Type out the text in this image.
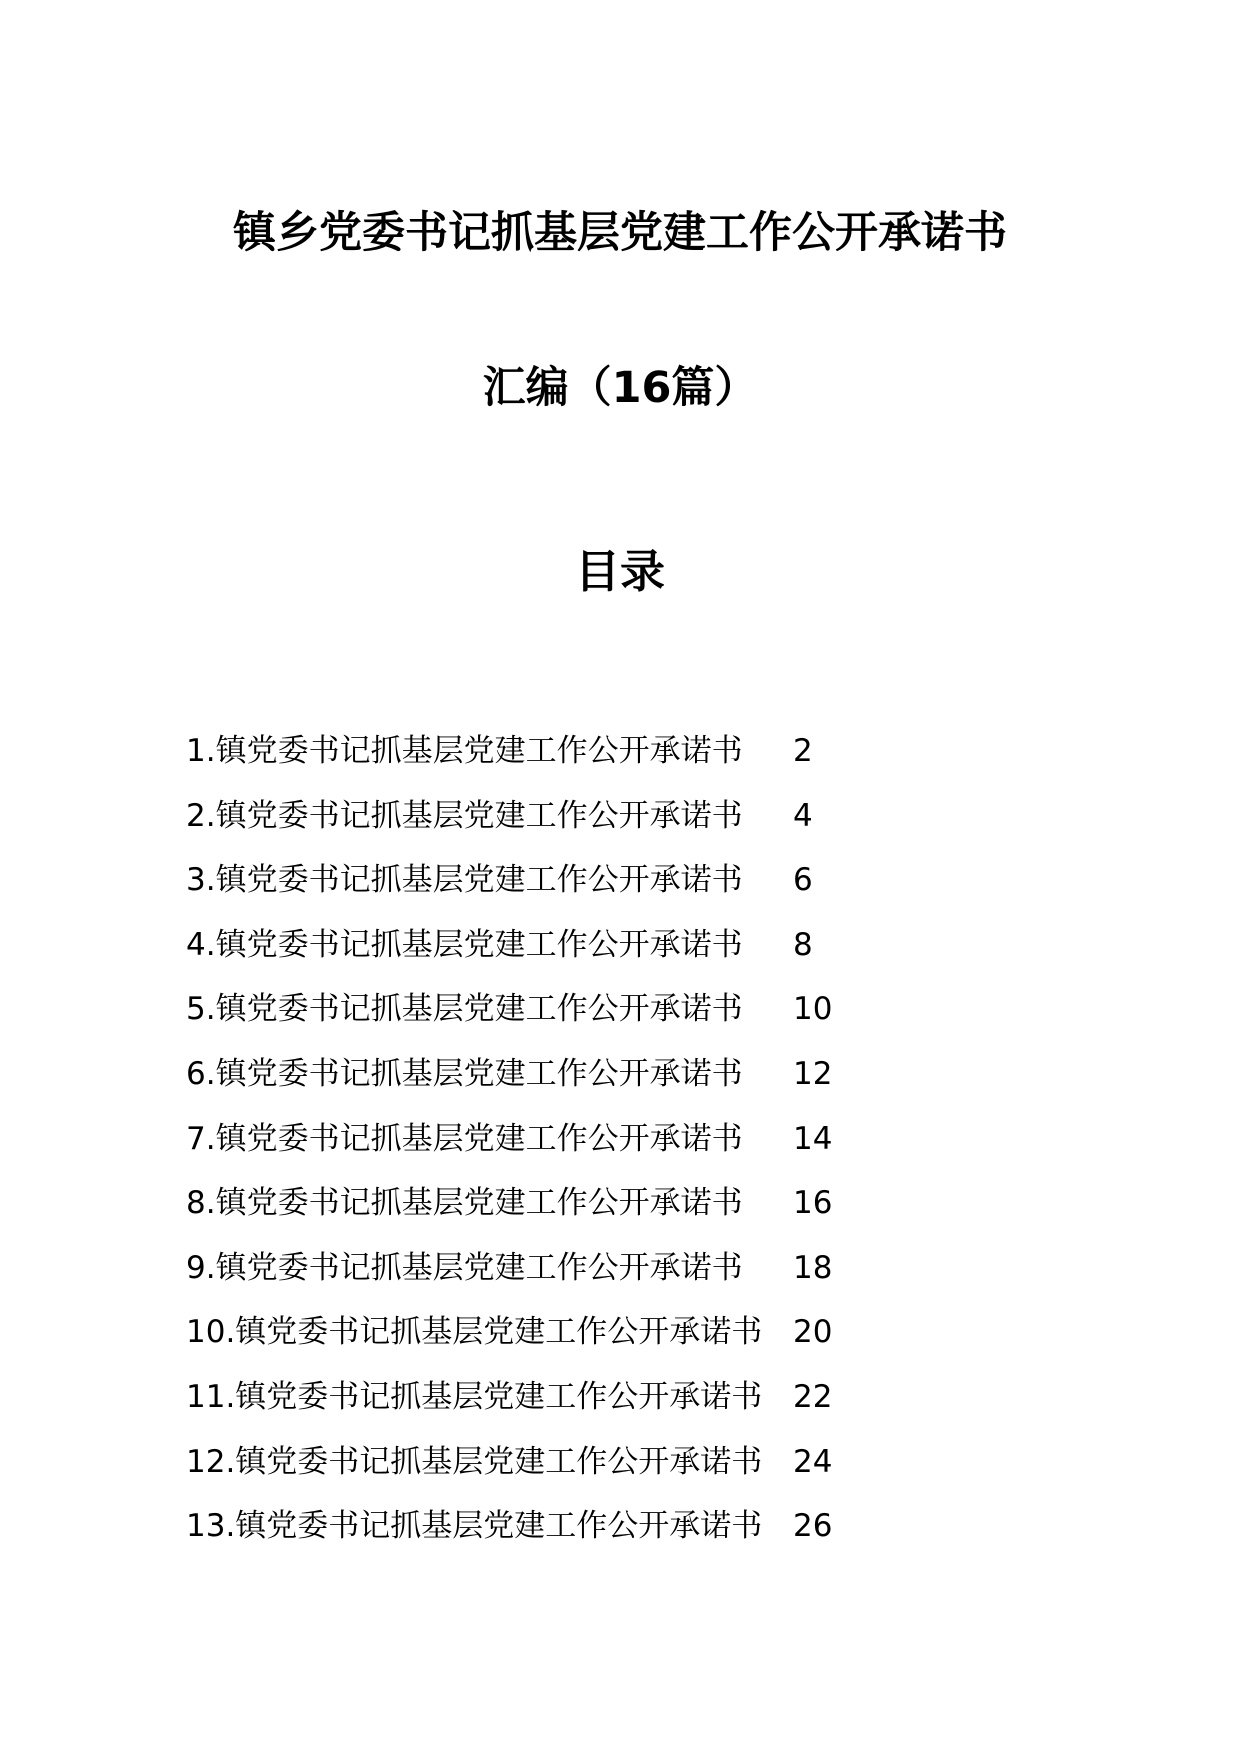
镇乡党委书记抓基层党建工作公开承诺书
汇编（16篇）
目录
1.镇党委书记抓基层党建工作公开承诺书 2
2.镇党委书记抓基层党建工作公开承诺书 4
3.镇党委书记抓基层党建工作公开承诺书 6
4.镇党委书记抓基层党建工作公开承诺书 8
5.镇党委书记抓基层党建工作公开承诺书 10
6.镇党委书记抓基层党建工作公开承诺书 12
7.镇党委书记抓基层党建工作公开承诺书 14
8.镇党委书记抓基层党建工作公开承诺书 16
9.镇党委书记抓基层党建工作公开承诺书 18
10.镇党委书记抓基层党建工作公开承诺书 20
11.镇党委书记抓基层党建工作公开承诺书 22
12.镇党委书记抓基层党建工作公开承诺书 24
13.镇党委书记抓基层党建工作公开承诺书 26
